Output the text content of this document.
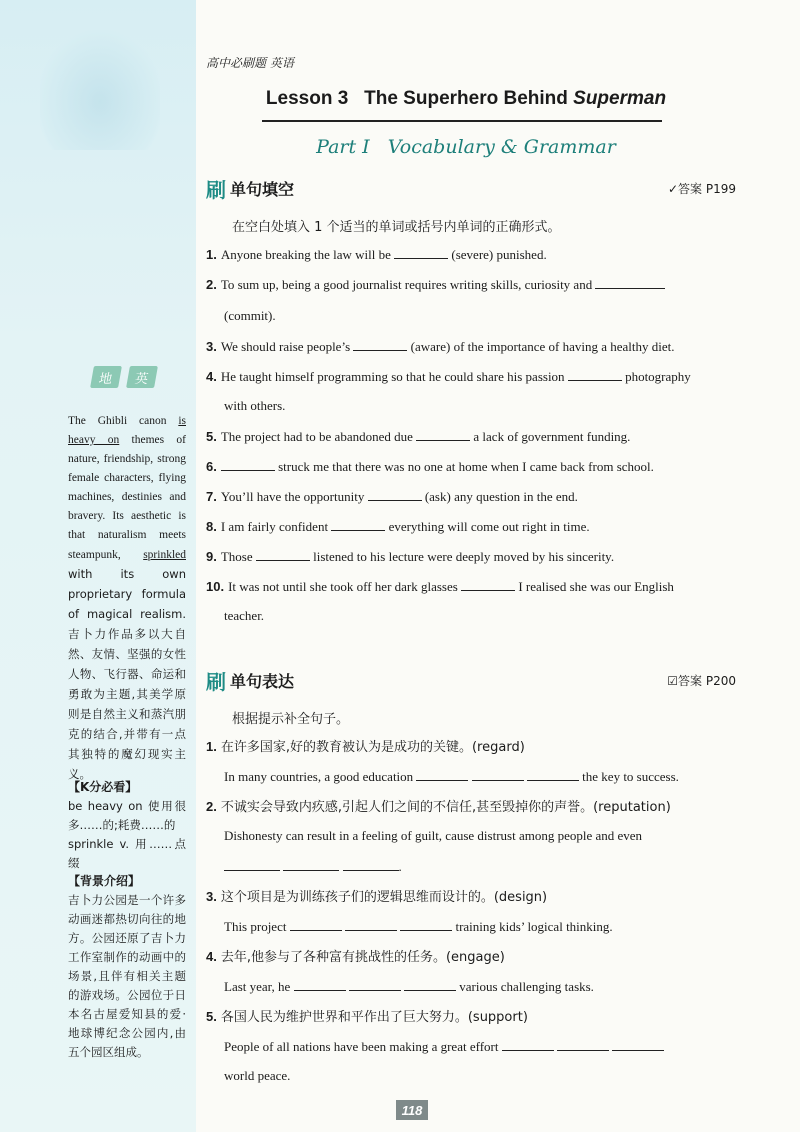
地	英
The Ghibli canon is heavy on themes of nature, friendship, strong female characters, flying machines, destinies and bravery. Its aesthetic is that naturalism meets steampunk, sprinkled with its own proprietary formula of magical realism. 吉卜力作品多以大自然、友情、坚强的女性人物、飞行器、命运和勇敢为主题,其美学原则是自然主义和蒸汽朋克的结合,并带有一点其独特的魔幻现实主义。
【K分必看】
be heavy on 使用很多……的;耗费……的
sprinkle v. 用……点缀
【背景介绍】
吉卜力公园是一个许多动画迷都热切向往的地方。公园还原了吉卜力工作室制作的动画中的场景,且伴有相关主题的游戏场。公园位于日本名古屋爱知县的爱·地球博纪念公园内,由五个园区组成。
高中必刷题 英语
Lesson 3   The Superhero Behind Superman
Part I   Vocabulary & Grammar
刷 单句填空	✓答案 P199
在空白处填入 1 个适当的单词或括号内单词的正确形式。
1. Anyone breaking the law will be	(severe) punished.
2. To sum up, being a good journalist requires writing skills, curiosity and
(commit).
3. We should raise people’s	(aware) of the importance of having a healthy diet.
4. He taught himself programming so that he could share his passion	photography
with others.
5. The project had to be abandoned due	a lack of government funding.
6.	struck me that there was no one at home when I came back from school.
7. You’ll have the opportunity	(ask) any question in the end.
8. I am fairly confident	everything will come out right in time.
9. Those	listened to his lecture were deeply moved by his sincerity.
10. It was not until she took off her dark glasses	I realised she was our English
teacher.
刷 单句表达	☑答案 P200
根据提示补全句子。
1. 在许多国家,好的教育被认为是成功的关键。(regard)
In many countries, a good education	the key to success.
2. 不诚实会导致内疚感,引起人们之间的不信任,甚至毁掉你的声誉。(reputation)
Dishonesty can result in a feeling of guilt, cause distrust among people and even
.
3. 这个项目是为训练孩子们的逻辑思维而设计的。(design)
This project	training kids’ logical thinking.
4. 去年,他参与了各种富有挑战性的任务。(engage)
Last year, he	various challenging tasks.
5. 各国人民为维护世界和平作出了巨大努力。(support)
People of all nations have been making a great effort
world peace.
118
